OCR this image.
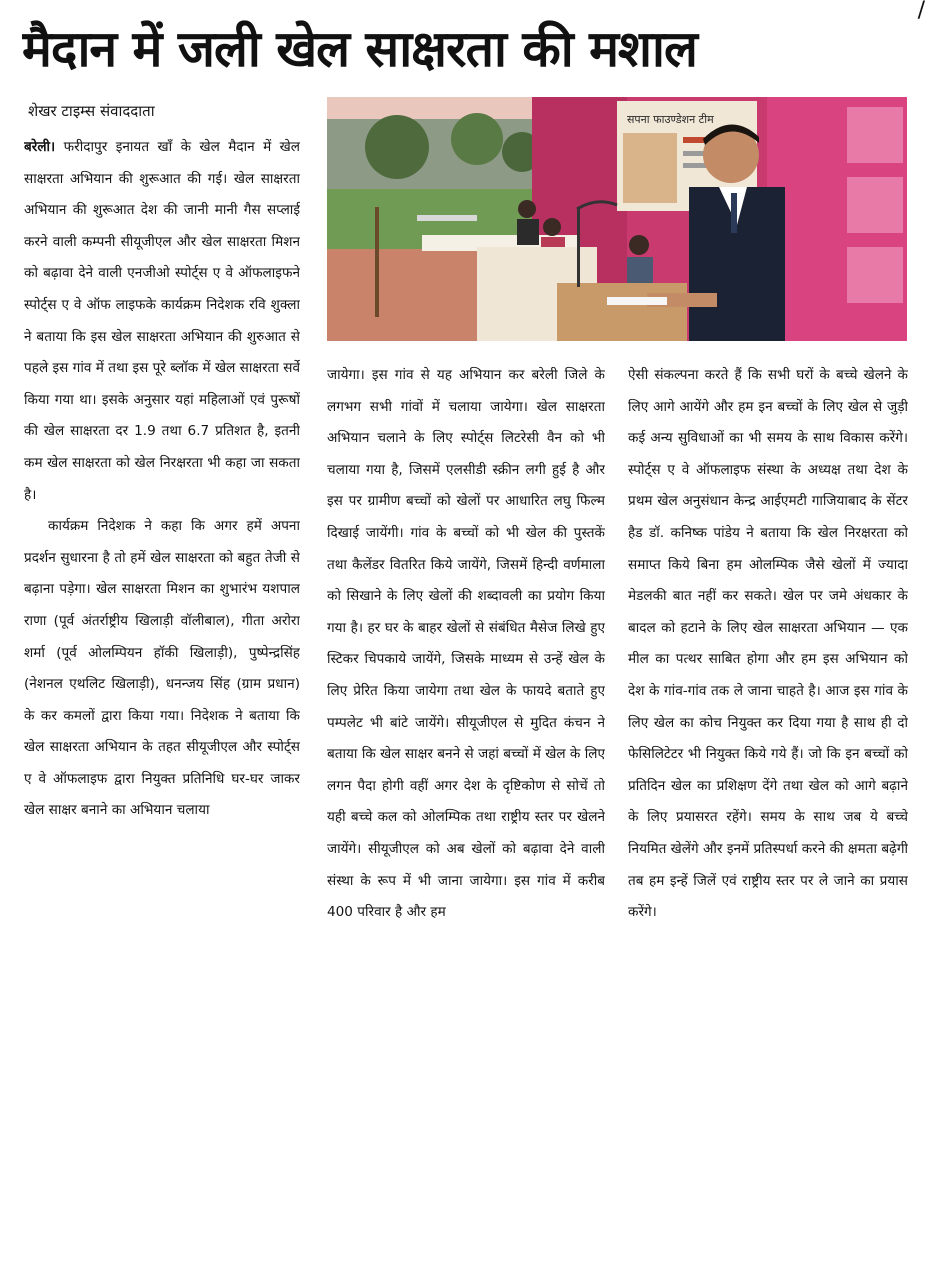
मैदान में जली खेल साक्षरता की मशाल
/
शेखर टाइम्स संवाददाता

बरेली। फरीदापुर इनायत खाँ के खेल मैदान में खेल साक्षरता अभियान की शुरूआत की गई। खेल साक्षरता अभियान की शुरूआत देश की जानी मानी गैस सप्लाई करने वाली कम्पनी सीयूजीएल और खेल साक्षरता मिशन को बढ़ावा देने वाली एनजीओ स्पोर्ट्स ए वे ऑफलाइफने स्पोर्ट्स ए वे ऑफ लाइफके कार्यक्रम निदेशक रवि शुक्ला ने बताया कि इस खेल साक्षरता अभियान की शुरुआत से पहले इस गांव में तथा इस पूरे ब्लॉक में खेल साक्षरता सर्वे किया गया था। इसके अनुसार यहां महिलाओं एवं पुरूषों की खेल साक्षरता दर 1.9 तथा 6.7 प्रतिशत है, इतनी कम खेल साक्षरता को खेल निरक्षरता भी कहा जा सकता है।

कार्यक्रम निदेशक ने कहा कि अगर हमें अपना प्रदर्शन सुधारना है तो हमें खेल साक्षरता को बहुत तेजी से बढ़ाना पड़ेगा। खेल साक्षरता मिशन का शुभारंभ यशपाल राणा (पूर्व अंतर्राष्ट्रीय खिलाड़ी वॉलीबाल), गीता अरोरा शर्मा (पूर्व ओलम्पियन हॉकी खिलाड़ी), पुष्पेन्द्रसिंह (नेशनल एथलिट खिलाड़ी), धनन्जय सिंह (ग्राम प्रधान) के कर कमलों द्वारा किया गया। निदेशक ने बताया कि खेल साक्षरता अभियान के तहत सीयूजीएल और स्पोर्ट्स ए वे ऑफलाइफ द्वारा नियुक्त प्रतिनिधि घर-घर जाकर खेल साक्षर बनाने का अभियान चलाया

सपना फाउण्डेशन टीम

जायेगा। इस गांव से यह अभियान कर बरेली जिले के लगभग सभी गांवों में चलाया जायेगा। खेल साक्षरता अभियान चलाने के लिए स्पोर्ट्स लिटरेसी वैन को भी चलाया गया है, जिसमें एलसीडी स्क्रीन लगी हुई है और इस पर ग्रामीण बच्चों को खेलों पर आधारित लघु फिल्म दिखाई जायेंगी। गांव के बच्चों को भी खेल की पुस्तकें तथा कैलेंडर वितरित किये जायेंगे, जिसमें हिन्दी वर्णमाला को सिखाने के लिए खेलों की शब्दावली का प्रयोग किया गया है। हर घर के बाहर खेलों से संबंधित मैसेज लिखे हुए स्टिकर चिपकाये जायेंगे, जिसके माध्यम से उन्हें खेल के लिए प्रेरित किया जायेगा तथा खेल के फायदे बताते हुए पम्पलेट भी बांटे जायेंगे। सीयूजीएल से मुदित कंचन ने बताया कि खेल साक्षर बनने से जहां बच्चों में खेल के लिए लगन पैदा होगी वहीं अगर देश के दृष्टिकोण से सोचें तो यही बच्चे कल को ओलम्पिक तथा राष्ट्रीय स्तर पर खेलने जायेंगे। सीयूजीएल को अब खेलों को बढ़ावा देने वाली संस्था के रूप में भी जाना जायेगा। इस गांव में करीब 400 परिवार है और हम

ऐसी संकल्पना करते हैं कि सभी घरों के बच्चे खेलने के लिए आगे आयेंगे और हम इन बच्चों के लिए खेल से जुड़ी कई अन्य सुविधाओं का भी समय के साथ विकास करेंगे। स्पोर्ट्स ए वे ऑफलाइफ संस्था के अध्यक्ष तथा देश के प्रथम खेल अनुसंधान केन्द्र आईएमटी गाजियाबाद के सेंटर हैड डॉ. कनिष्क पांडेय ने बताया कि खेल निरक्षरता को समाप्त किये बिना हम ओलम्पिक जैसे खेलों में ज्यादा मेडलकी बात नहीं कर सकते। खेल पर जमे अंधकार के बादल को हटाने के लिए खेल साक्षरता अभियान — एक मील का पत्थर साबित होगा और हम इस अभियान को देश के गांव-गांव तक ले जाना चाहते है। आज इस गांव के लिए खेल का कोच नियुक्त कर दिया गया है साथ ही दो फेसिलिटेटर भी नियुक्त किये गये हैं। जो कि इन बच्चों को प्रतिदिन खेल का प्रशिक्षण देंगे तथा खेल को आगे बढ़ाने के लिए प्रयासरत रहेंगे। समय के साथ जब ये बच्चे नियमित खेलेंगे और इनमें प्रतिस्पर्धा करने की क्षमता बढ़ेगी तब हम इन्हें जिलें एवं राष्ट्रीय स्तर पर ले जाने का प्रयास करेंगे।
